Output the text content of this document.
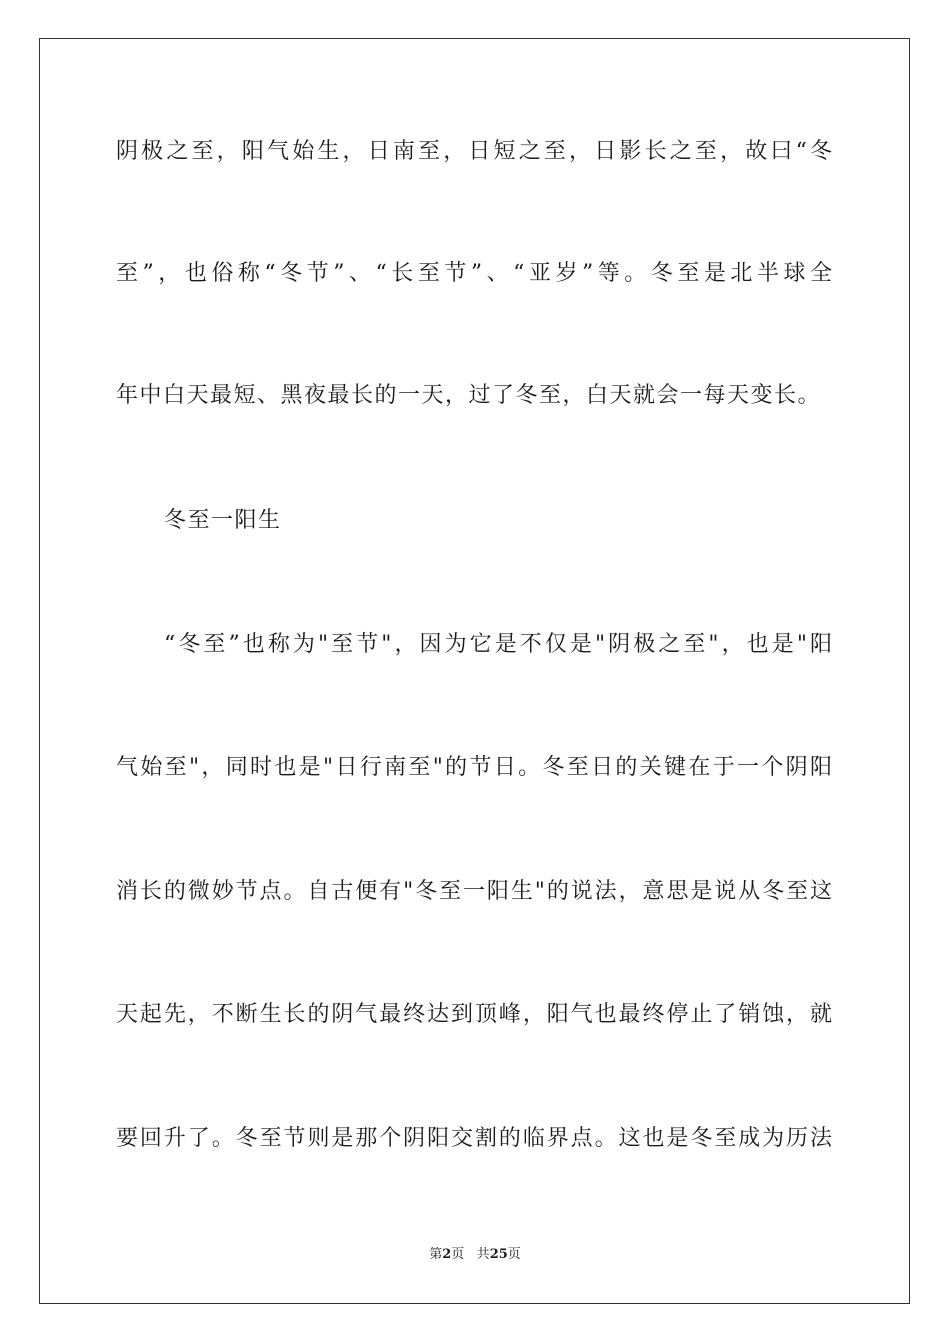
阴极之至，阳气始生，日南至，日短之至，日影长之至，故曰“冬
至”，也俗称“冬节”、“长至节”、“亚岁”等。冬至是北半球全
年中白天最短、黑夜最长的一天，过了冬至，白天就会一每天变长。
冬至一阳生
“冬至”也称为"至节"，因为它是不仅是"阴极之至"，也是"阳
气始至"，同时也是"日行南至"的节日。冬至日的关键在于一个阴阳
消长的微妙节点。自古便有"冬至一阳生"的说法，意思是说从冬至这
天起先，不断生长的阴气最终达到顶峰，阳气也最终停止了销蚀，就
要回升了。冬至节则是那个阴阳交割的临界点。这也是冬至成为历法
第2页 共25页
